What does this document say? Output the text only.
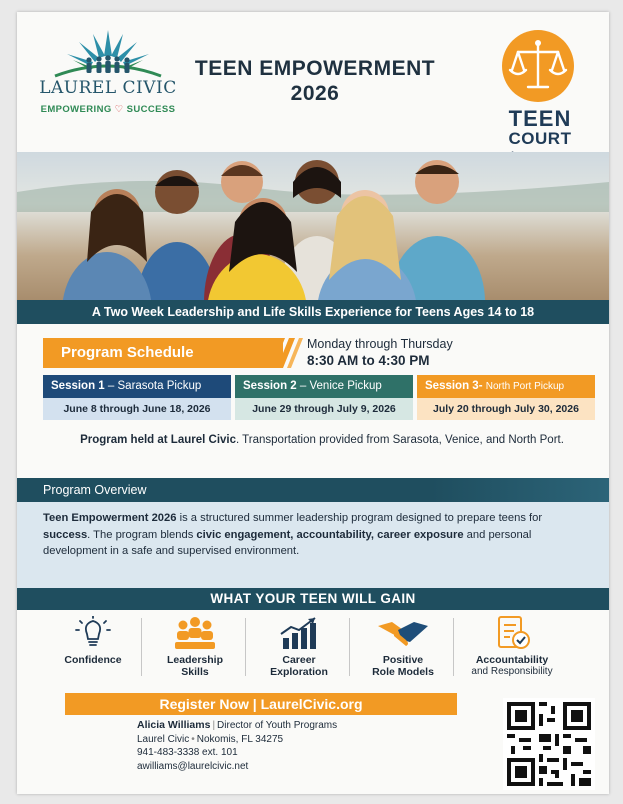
LAUREL CIVIC
EMPOWERING ♡ SUCCESS
TEEN EMPOWERMENT
2026
TEEN
COURT
A Two Week Leadership and Life Skills Experience for Teens Ages 14 to 18
Program Schedule	Monday through Thursday
8:30 AM to 4:30 PM
Session 1 – Sarasota Pickup
June 8 through June 18, 2026
Session 2 – Venice Pickup
June 29 through July 9, 2026
Session 3- North Port Pickup
July 20 through July 30, 2026
Program held at Laurel Civic. Transportation provided from Sarasota, Venice, and North Port.
Program Overview
Teen Empowerment 2026 is a structured summer leadership program designed to prepare teens for success. The program blends civic engagement, accountability, career exposure and personal development in a safe and supervised environment.
WHAT YOUR TEEN WILL GAIN
Confidence	Leadership
Skills
Career
Exploration
Positive
Role Models
Accountability
and Responsibility
Register Now | LaurelCivic.org
Alicia Williams | Director of Youth Programs
Laurel Civic • Nokomis, FL 34275
941-483-3338 ext. 101
awilliams@laurelcivic.net
